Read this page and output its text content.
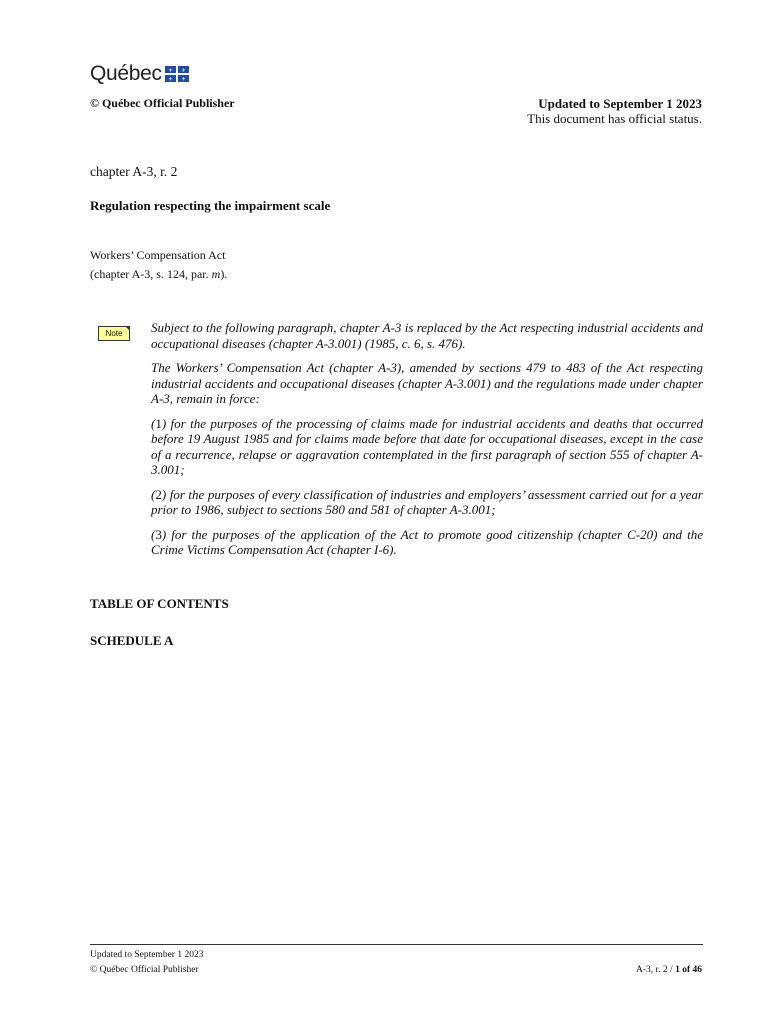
Québec ⚜ ⚜
⚜ ⚜
© Québec Official Publisher	Updated to September 1 2023
This document has official status.
chapter A-3, r. 2
Regulation respecting the impairment scale
Workers’ Compensation Act
(chapter A-3, s. 124, par. m).
Note	Subject to the following paragraph, chapter A-3 is replaced by the Act respecting industrial accidents and occupational diseases (chapter A-3.001) (1985, c. 6, s. 476).

The Workers’ Compensation Act (chapter A-3), amended by sections 479 to 483 of the Act respecting industrial accidents and occupational diseases (chapter A-3.001) and the regulations made under chapter A-3, remain in force:

(1) for the purposes of the processing of claims made for industrial accidents and deaths that occurred before 19 August 1985 and for claims made before that date for occupational diseases, except in the case of a recurrence, relapse or aggravation contemplated in the first paragraph of section 555 of chapter A-3.001;

(2) for the purposes of every classification of industries and employers’ assessment carried out for a year prior to 1986, subject to sections 580 and 581 of chapter A-3.001;

(3) for the purposes of the application of the Act to promote good citizenship (chapter C-20) and the Crime Victims Compensation Act (chapter I-6).

TABLE OF CONTENTS
SCHEDULE A
Updated to September 1 2023
© Québec Official Publisher	A-3, r. 2 / 1 of 46
